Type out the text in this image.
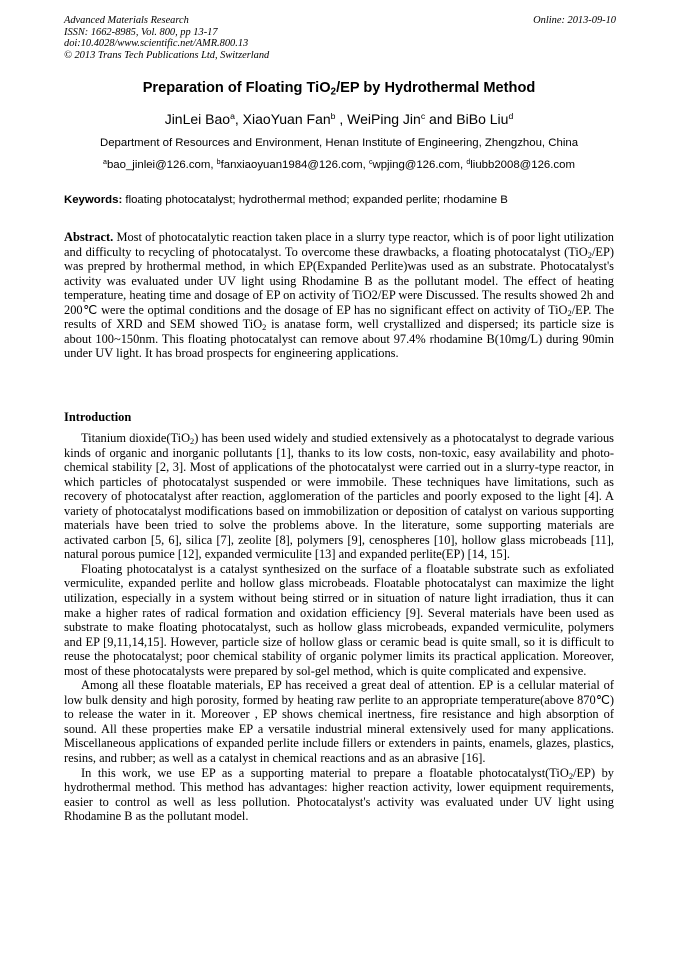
Advanced Materials Research
ISSN: 1662-8985, Vol. 800, pp 13-17
doi:10.4028/www.scientific.net/AMR.800.13
© 2013 Trans Tech Publications Ltd, Switzerland
Online: 2013-09-10
Preparation of Floating TiO$_2$/EP by Hydrothermal Method
JinLei Bao$^a$, XiaoYuan Fan$^b$ , WeiPing Jin$^c$ and BiBo Liu$^d$
Department of Resources and Environment, Henan Institute of Engineering, Zhengzhou, China
$^a$bao_jinlei@126.com, $^b$fanxiaoyuan1984@126.com, $^c$wpjing@126.com, $^d$liubb2008@126.com
Keywords: floating photocatalyst; hydrothermal method; expanded perlite; rhodamine B
Abstract. Most of photocatalytic reaction taken place in a slurry type reactor, which is of poor light utilization and difficulty to recycling of photocatalyst. To overcome these drawbacks, a floating photocatalyst (TiO$_2$/EP) was prepred by hrothermal method, in which EP(Expanded Perlite)was used as an substrate. Photocatalyst's activity was evaluated under UV light using Rhodamine B as the pollutant model. The effect of heating temperature, heating time and dosage of EP on activity of TiO2/EP were Discussed. The results showed 2h and 200℃ were the optimal conditions and the dosage of EP has no significant effect on activity of TiO$_2$/EP. The results of XRD and SEM showed TiO$_2$ is anatase form, well crystallized and dispersed; its particle size is about 100~150nm. This floating photocatalyst can remove about 97.4% rhodamine B(10mg/L) during 90min under UV light. It has broad prospects for engineering applications.
Introduction

Titanium dioxide(TiO$_2$) has been used widely and studied extensively as a photocatalyst to degrade various kinds of organic and inorganic pollutants [1], thanks to its low costs, non-toxic, easy availability and photo-chemical stability [2, 3]. Most of applications of the photocatalyst were carried out in a slurry-type reactor, in which particles of photocatalyst suspended or were immobile. These techniques have limitations, such as recovery of photocatalyst after reaction, agglomeration of the particles and poorly exposed to the light [4]. A variety of photocatalyst modifications based on immobilization or deposition of catalyst on various supporting materials have been tried to solve the problems above. In the literature, some supporting materials are activated carbon [5, 6], silica [7], zeolite [8], polymers [9], cenospheres [10], hollow glass microbeads [11], natural porous pumice [12], expanded vermiculite [13] and expanded perlite(EP) [14, 15].

Floating photocatalyst is a catalyst synthesized on the surface of a floatable substrate such as exfoliated vermiculite, expanded perlite and hollow glass microbeads. Floatable photocatalyst can maximize the light utilization, especially in a system without being stirred or in situation of nature light irradiation, thus it can make a higher rates of radical formation and oxidation efficiency [9]. Several materials have been used as substrate to make floating photocatalyst, such as hollow glass microbeads, expanded vermiculite, polymers and EP [9,11,14,15]. However, particle size of hollow glass or ceramic bead is quite small, so it is difficult to reuse the photocatalyst; poor chemical stability of organic polymer limits its practical application. Moreover, most of these photocatalysts were prepared by sol-gel method, which is quite complicated and expensive.

Among all these floatable materials, EP has received a great deal of attention. EP is a cellular material of low bulk density and high porosity, formed by heating raw perlite to an appropriate temperature(above 870℃) to release the water in it. Moreover , EP shows chemical inertness, fire resistance and high absorption of sound. All these properties make EP a versatile industrial mineral extensively used for many applications. Miscellaneous applications of expanded perlite include fillers or extenders in paints, enamels, glazes, plastics, resins, and rubber; as well as a catalyst in chemical reactions and as an abrasive [16].

In this work, we use EP as a supporting material to prepare a floatable photocatalyst(TiO$_2$/EP) by hydrothermal method. This method has advantages: higher reaction activity, lower equipment requirements, easier to control as well as less pollution. Photocatalyst's activity was evaluated under UV light using Rhodamine B as the pollutant model.
